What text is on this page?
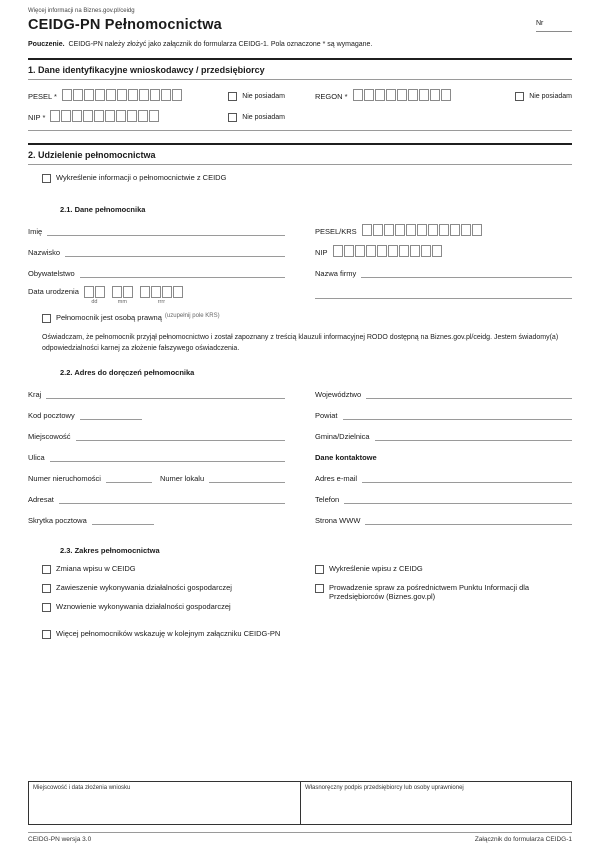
Więcej informacji na Biznes.gov.pl/ceidg
CEIDG-PN Pełnomocnictwa	Nr

Pouczenie. CEIDG-PN należy złożyć jako załącznik do formularza CEIDG-1. Pola oznaczone * są wymagane.

1. Dane identyfikacyjne wnioskodawcy / przedsiębiorcy
PESEL *	Nie posiadam	REGON *	Nie posiadam
NIP *	Nie posiadam
2. Udzielenie pełnomocnictwa
Wykreślenie informacji o pełnomocnictwie z CEIDG
2.1. Dane pełnomocnika
Imię
Nazwisko
Obywatelstwo
Data urodzenia
dd	mm	rrrr
PESEL/KRS
NIP
Nazwa firmy
Pełnomocnik jest osobą prawną (uzupełnij pole KRS)

Oświadczam, że pełnomocnik przyjął pełnomocnictwo i został zapoznany z treścią klauzuli informacyjnej RODO dostępną na Biznes.gov.pl/ceidg. Jestem świadomy(a) odpowiedzialności karnej za złożenie fałszywego oświadczenia.

2.2. Adres do doręczeń pełnomocnika
Kraj
Kod pocztowy
Miejscowość
Ulica
Numer nieruchomości	Numer lokalu
Adresat
Skrytka pocztowa
Województwo
Powiat
Gmina/Dzielnica
Dane kontaktowe
Adres e-mail
Telefon
Strona WWW
2.3. Zakres pełnomocnictwa
Zmiana wpisu w CEIDG
Zawieszenie wykonywania działalności gospodarczej
Wznowienie wykonywania działalności gospodarczej
Wykreślenie wpisu z CEIDG
Prowadzenie spraw za pośrednictwem Punktu Informacji dla Przedsiębiorców (Biznes.gov.pl)
Więcej pełnomocników wskazuję w kolejnym załączniku CEIDG-PN
Miejscowość i data złożenia wniosku	Własnoręczny podpis przedsiębiorcy lub osoby uprawnionej
CEIDG-PN wersja 3.0	Załącznik do formularza CEIDG-1
